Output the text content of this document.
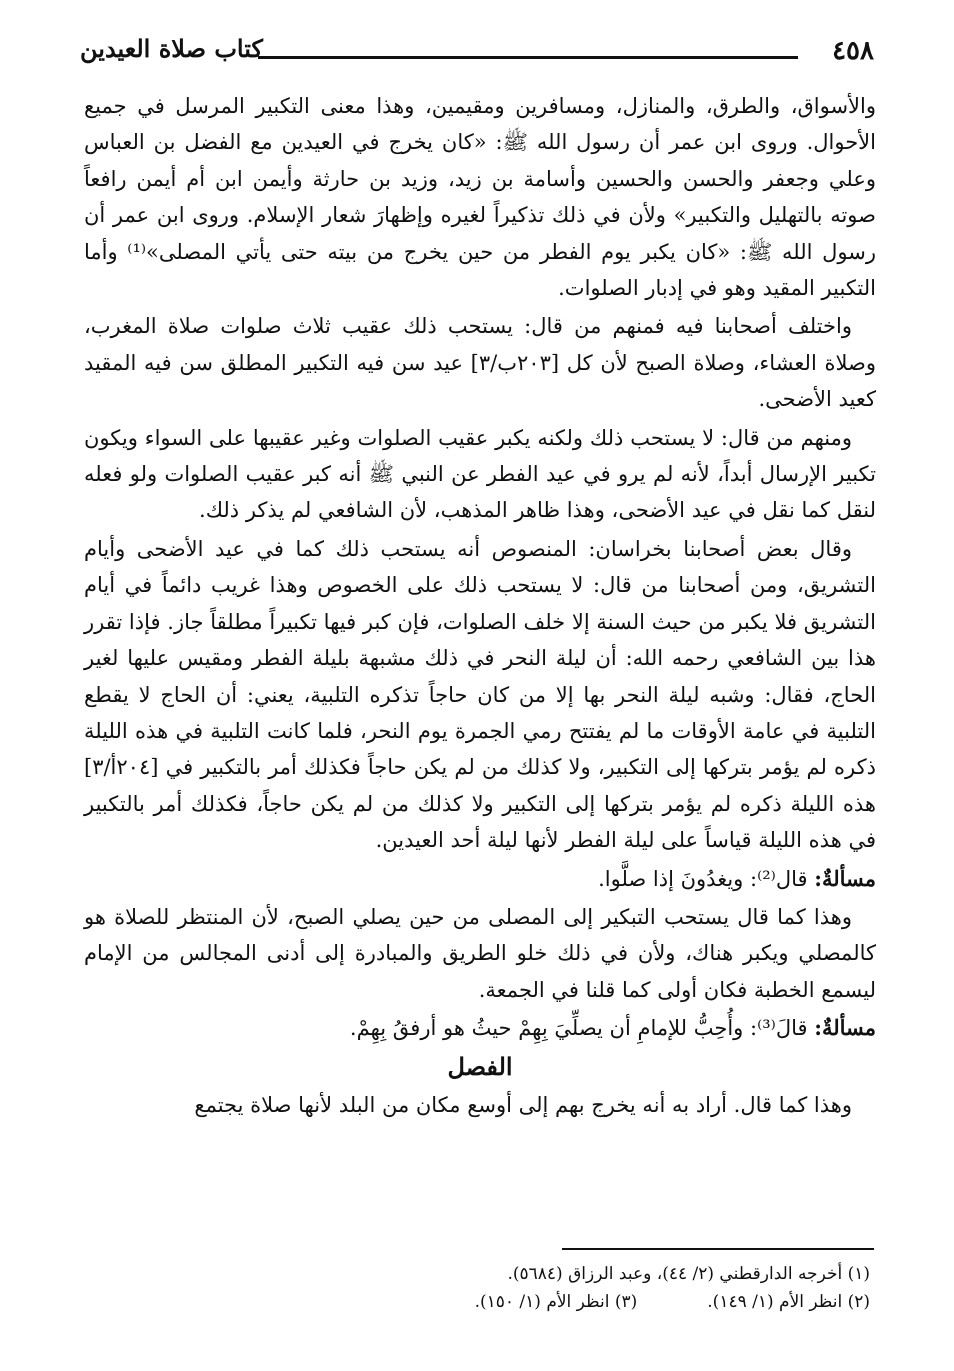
٤٥٨
كتاب صلاة العيدين

والأسواق، والطرق، والمنازل، ومسافرين ومقيمين، وهذا معنى التكبير المرسل في جميع الأحوال. وروى ابن عمر أن رسول الله ﷺ: «كان يخرج في العيدين مع الفضل بن العباس وعلي وجعفر والحسن والحسين وأسامة بن زيد، وزيد بن حارثة وأيمن ابن أم أيمن رافعاً صوته بالتهليل والتكبير» ولأن في ذلك تذكيراً لغيره وإظهارَ شعار الإسلام. وروى ابن عمر أن رسول الله ﷺ: «كان يكبر يوم الفطر من حين يخرج من بيته حتى يأتي المصلى»⁽¹⁾ وأما التكبير المقيد وهو في إدبار الصلوات.

واختلف أصحابنا فيه فمنهم من قال: يستحب ذلك عقيب ثلاث صلوات صلاة المغرب، وصلاة العشاء، وصلاة الصبح لأن كل [٢٠٣ب/٣] عيد سن فيه التكبير المطلق سن فيه المقيد كعيد الأضحى.

ومنهم من قال: لا يستحب ذلك ولكنه يكبر عقيب الصلوات وغير عقيبها على السواء ويكون تكبير الإرسال أبداً، لأنه لم يرو في عيد الفطر عن النبي ﷺ أنه كبر عقيب الصلوات ولو فعله لنقل كما نقل في عيد الأضحى، وهذا ظاهر المذهب، لأن الشافعي لم يذكر ذلك.

وقال بعض أصحابنا بخراسان: المنصوص أنه يستحب ذلك كما في عيد الأضحى وأيام التشريق، ومن أصحابنا من قال: لا يستحب ذلك على الخصوص وهذا غريب دائماً في أيام التشريق فلا يكبر من حيث السنة إلا خلف الصلوات، فإن كبر فيها تكبيراً مطلقاً جاز. فإذا تقرر هذا بين الشافعي رحمه الله: أن ليلة النحر في ذلك مشبهة بليلة الفطر ومقيس عليها لغير الحاج، فقال: وشبه ليلة النحر بها إلا من كان حاجاً تذكره التلبية، يعني: أن الحاج لا يقطع التلبية في عامة الأوقات ما لم يفتتح رمي الجمرة يوم النحر، فلما كانت التلبية في هذه الليلة ذكره لم يؤمر بتركها إلى التكبير، ولا كذلك من لم يكن حاجاً فكذلك أمر بالتكبير في [٢٠٤أ/٣] هذه الليلة ذكره لم يؤمر بتركها إلى التكبير ولا كذلك من لم يكن حاجاً، فكذلك أمر بالتكبير في هذه الليلة قياساً على ليلة الفطر لأنها ليلة أحد العيدين.

مسألةٌ: قال⁽²⁾: ويغدُونَ إذا صلَّوا.

وهذا كما قال يستحب التبكير إلى المصلى من حين يصلي الصبح، لأن المنتظر للصلاة هو كالمصلي ويكبر هناك، ولأن في ذلك خلو الطريق والمبادرة إلى أدنى المجالس من الإمام ليسمع الخطبة فكان أولى كما قلنا في الجمعة.

مسألةٌ: قالَ⁽³⁾: وأُحِبُّ للإمامِ أن يصلِّيَ بِهِمْ حيثُ هو أرفقُ بِهِمْ.

الفصل

وهذا كما قال. أراد به أنه يخرج بهم إلى أوسع مكان من البلد لأنها صلاة يجتمع

(١) أخرجه الدارقطني (٢/ ٤٤)، وعبد الرزاق (٥٦٨٤).
(٢) انظر الأم (١/ ١٤٩).(٣) انظر الأم (١/ ١٥٠).
